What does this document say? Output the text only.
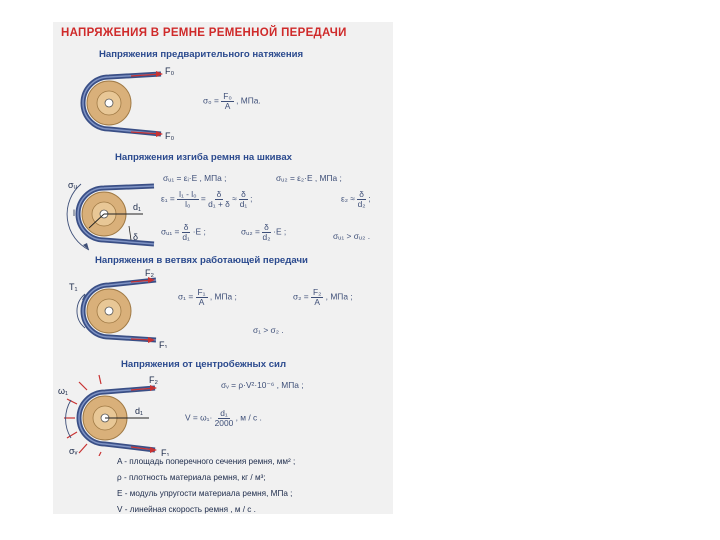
НАПРЯЖЕНИЯ В РЕМНЕ РЕМЕННОЙ ПЕРЕДАЧИ
Напряжения предварительного натяжения
F₀
F₀
$\sigma_0 = \frac{\text{F₀}}{A}$ , МПа.
Напряжения изгиба ремня на шкивах
σᵤ
l
d₁
δ
σᵤ₁ = εᵢ·E , МПа ;	σᵤ₂ = ε₂·E , МПа ;
$\varepsilon_1 = \frac{\text{l₁ - l₀}}{\text{l₀}} = \frac{\delta}{\text{d₁ + δ}} \approx \frac{\delta}{\text{d₁}}$ ;	$\varepsilon_2 \approx \frac{\delta}{\text{d₂}}$ ;
σᵤ₁ = $\frac{\delta}{\text{d₁}} \cdot E$ ;	σᵤ₂ = $\frac{\delta}{\text{d₂}} \cdot E$ ;	σᵤ₁ > σᵤ₂ .
Напряжения в ветвях работающей передачи
F₂
T₁
F₁
$\sigma_1 = \frac{\text{F₁}}{A}$ , МПа ;	$\sigma_2 = \frac{\text{F₂}}{A}$ , МПа ;
σ₁ > σ₂ .
Напряжения от центробежных сил
F₂
ω₁
d₁
σᵥ	F₁
σᵥ = ρ·V²·10⁻⁶ , МПа ;
$V = \omega_1\cdot \frac{\text{d₁}}{2000}$ , м / с .
A - площадь поперечного сечения ремня, мм² ;
ρ - плотность материала ремня, кг / м³;
E - модуль упругости материала ремня, МПа ;
V - линейная скорость ремня , м / с .
